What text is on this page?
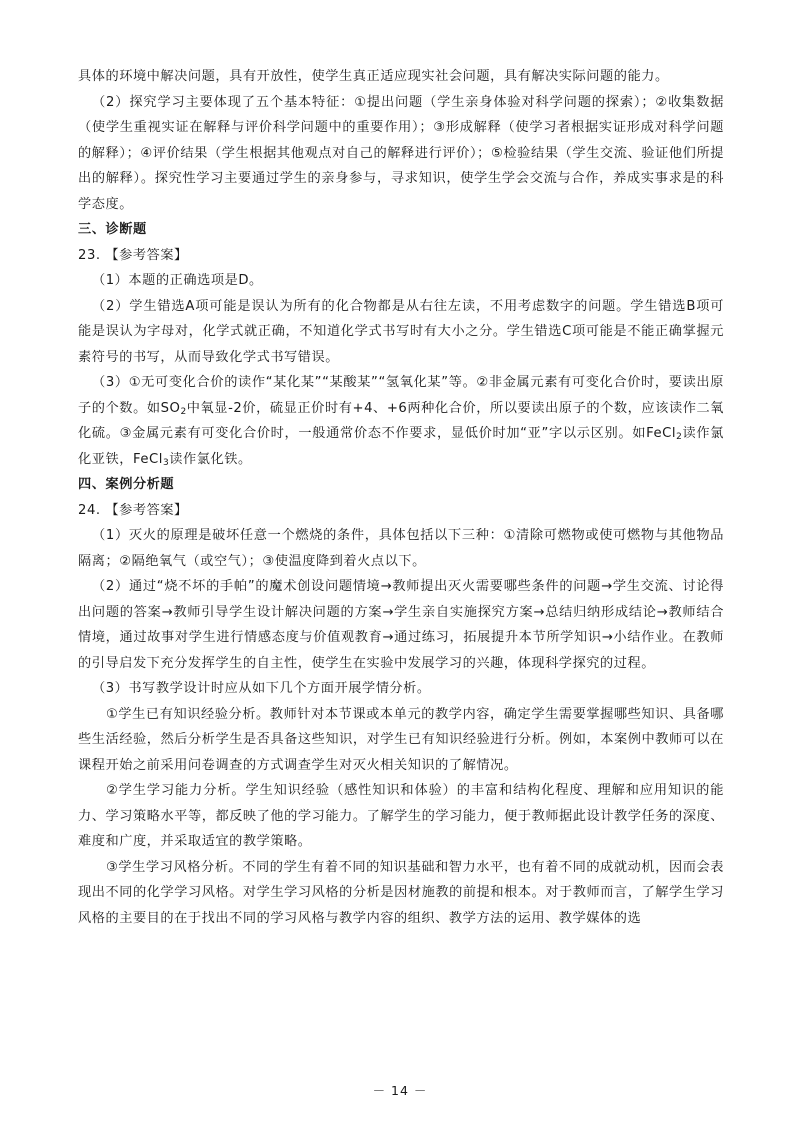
具体的环境中解决问题，具有开放性，使学生真正适应现实社会问题，具有解决实际问题的能力。

（2）探究学习主要体现了五个基本特征：①提出问题（学生亲身体验对科学问题的探索）；②收集数据（使学生重视实证在解释与评价科学问题中的重要作用）；③形成解释（使学习者根据实证形成对科学问题的解释）；④评价结果（学生根据其他观点对自己的解释进行评价）；⑤检验结果（学生交流、验证他们所提出的解释）。探究性学习主要通过学生的亲身参与，寻求知识，使学生学会交流与合作，养成实事求是的科学态度。

三、诊断题

23. 【参考答案】

（1）本题的正确选项是D。

（2）学生错选A项可能是误认为所有的化合物都是从右往左读，不用考虑数字的问题。学生错选B项可能是误认为字母对，化学式就正确，不知道化学式书写时有大小之分。学生错选C项可能是不能正确掌握元素符号的书写，从而导致化学式书写错误。

（3）①无可变化合价的读作“某化某”“某酸某”“氢氧化某”等。②非金属元素有可变化合价时，要读出原子的个数。如$SO_2$中氧显-2价，硫显正价时有+4、+6两种化合价，所以要读出原子的个数，应该读作二氧化硫。③金属元素有可变化合价时，一般通常价态不作要求，显低价时加“亚”字以示区别。如FeCl$_2$读作氯化亚铁，FeCl$_3$读作氯化铁。

四、案例分析题

24. 【参考答案】

（1）灭火的原理是破坏任意一个燃烧的条件，具体包括以下三种：①清除可燃物或使可燃物与其他物品隔离；②隔绝氧气（或空气）；③使温度降到着火点以下。

（2）通过“烧不坏的手帕”的魔术创设问题情境→教师提出灭火需要哪些条件的问题→学生交流、讨论得出问题的答案→教师引导学生设计解决问题的方案→学生亲自实施探究方案→总结归纳形成结论→教师结合情境，通过故事对学生进行情感态度与价值观教育→通过练习，拓展提升本节所学知识→小结作业。在教师的引导启发下充分发挥学生的自主性，使学生在实验中发展学习的兴趣，体现科学探究的过程。

（3）书写教学设计时应从如下几个方面开展学情分析。

①学生已有知识经验分析。教师针对本节课或本单元的教学内容，确定学生需要掌握哪些知识、具备哪些生活经验，然后分析学生是否具备这些知识，对学生已有知识经验进行分析。例如，本案例中教师可以在课程开始之前采用问卷调查的方式调查学生对灭火相关知识的了解情况。

②学生学习能力分析。学生知识经验（感性知识和体验）的丰富和结构化程度、理解和应用知识的能力、学习策略水平等，都反映了他的学习能力。了解学生的学习能力，便于教师据此设计教学任务的深度、难度和广度，并采取适宜的教学策略。

③学生学习风格分析。不同的学生有着不同的知识基础和智力水平，也有着不同的成就动机，因而会表现出不同的化学学习风格。对学生学习风格的分析是因材施教的前提和根本。对于教师而言，了解学生学习风格的主要目的在于找出不同的学习风格与教学内容的组织、教学方法的运用、教学媒体的选

－ 14 －
